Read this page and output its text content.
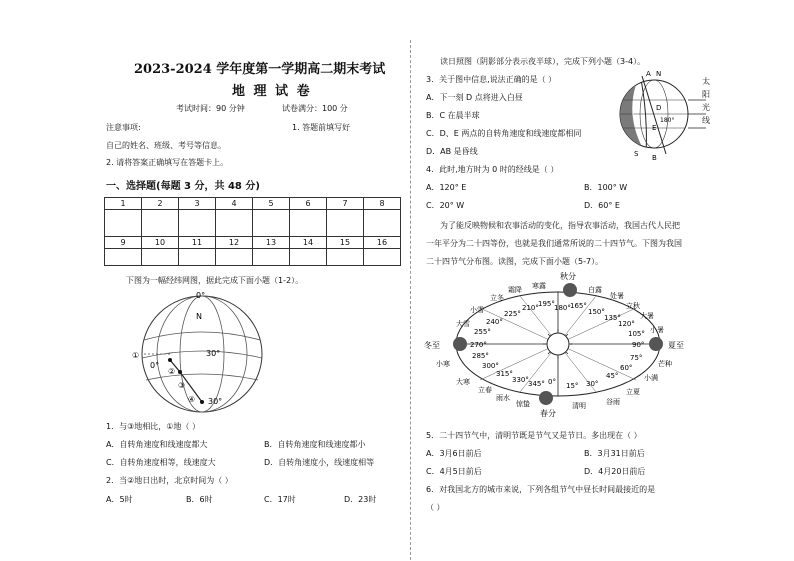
2023-2024 学年度第一学期高二期末考试
地 理 试 卷
考试时间：90 分钟	试卷满分：100 分
注意事项:	1. 答题前填写好
自己的姓名、班级、考号等信息。
2. 请将答案正确填写在答题卡上。
一、选择题(每题 3 分，共 48 分)
1	2	3	4	5	6	7	8

9	10	11	12	13	14	15	16

下图为一幅经纬网图，据此完成下面小题（1-2）。
0°
N
30°
0°
30°
①
②
③
④
1．与③地相比，①地（ ）
A．自转角速度和线速度都大	B．自转角速度和线速度都小
C．自转角速度相等，线速度大	D．自转角速度小，线速度相等
2．当②地日出时，北京时间为（ ）
A．5时	B．6时	C．17时	D．23时
读日照图（阴影部分表示夜半球），完成下列小题（3-4）。
3．关于图中信息,说法正确的是（ ）
A．下一刻 D 点将进入白昼
B．C 在晨半球
C．D、E 两点的自转角速度和线速度都相同
D．AB 是昏线
4．此时,地方时为 0 时的经线是（ ）
A．120° E	B．100° W
C．20° W	D．60° E
A N
C
D
E
180°
S B
太
阳
光
线
为了能反映物候和农事活动的变化，指导农事活动，我国古代人民把
一年平分为二十四等份，也就是我们通常所说的二十四节气。下图为我国
二十四节气分布图。读图，完成下面小题（5-7）。
秋分
春分
冬至	夏至
寒露	白露
霜降
处暑
立冬
立秋
小雪
大暑
大雪
小暑
小寒	芒种
大寒	小满
立春	立夏
雨水	谷雨
惊蛰	清明
195° 180° 165°
210°	150°
225°	135°
240°	120°
255°	105°
270°	90°
285°	75°
300°	60°
315°	45°
330°	30°
345° 0° 15°
5．二十四节气中，清明节既是节气又是节日。多出现在（ ）
A．3月6日前后	B．3月31日前后
C．4月5日前后	D．4月20日前后
6．对我国北方的城市来说，下列各组节气中昼长时间最接近的是
（ ）
